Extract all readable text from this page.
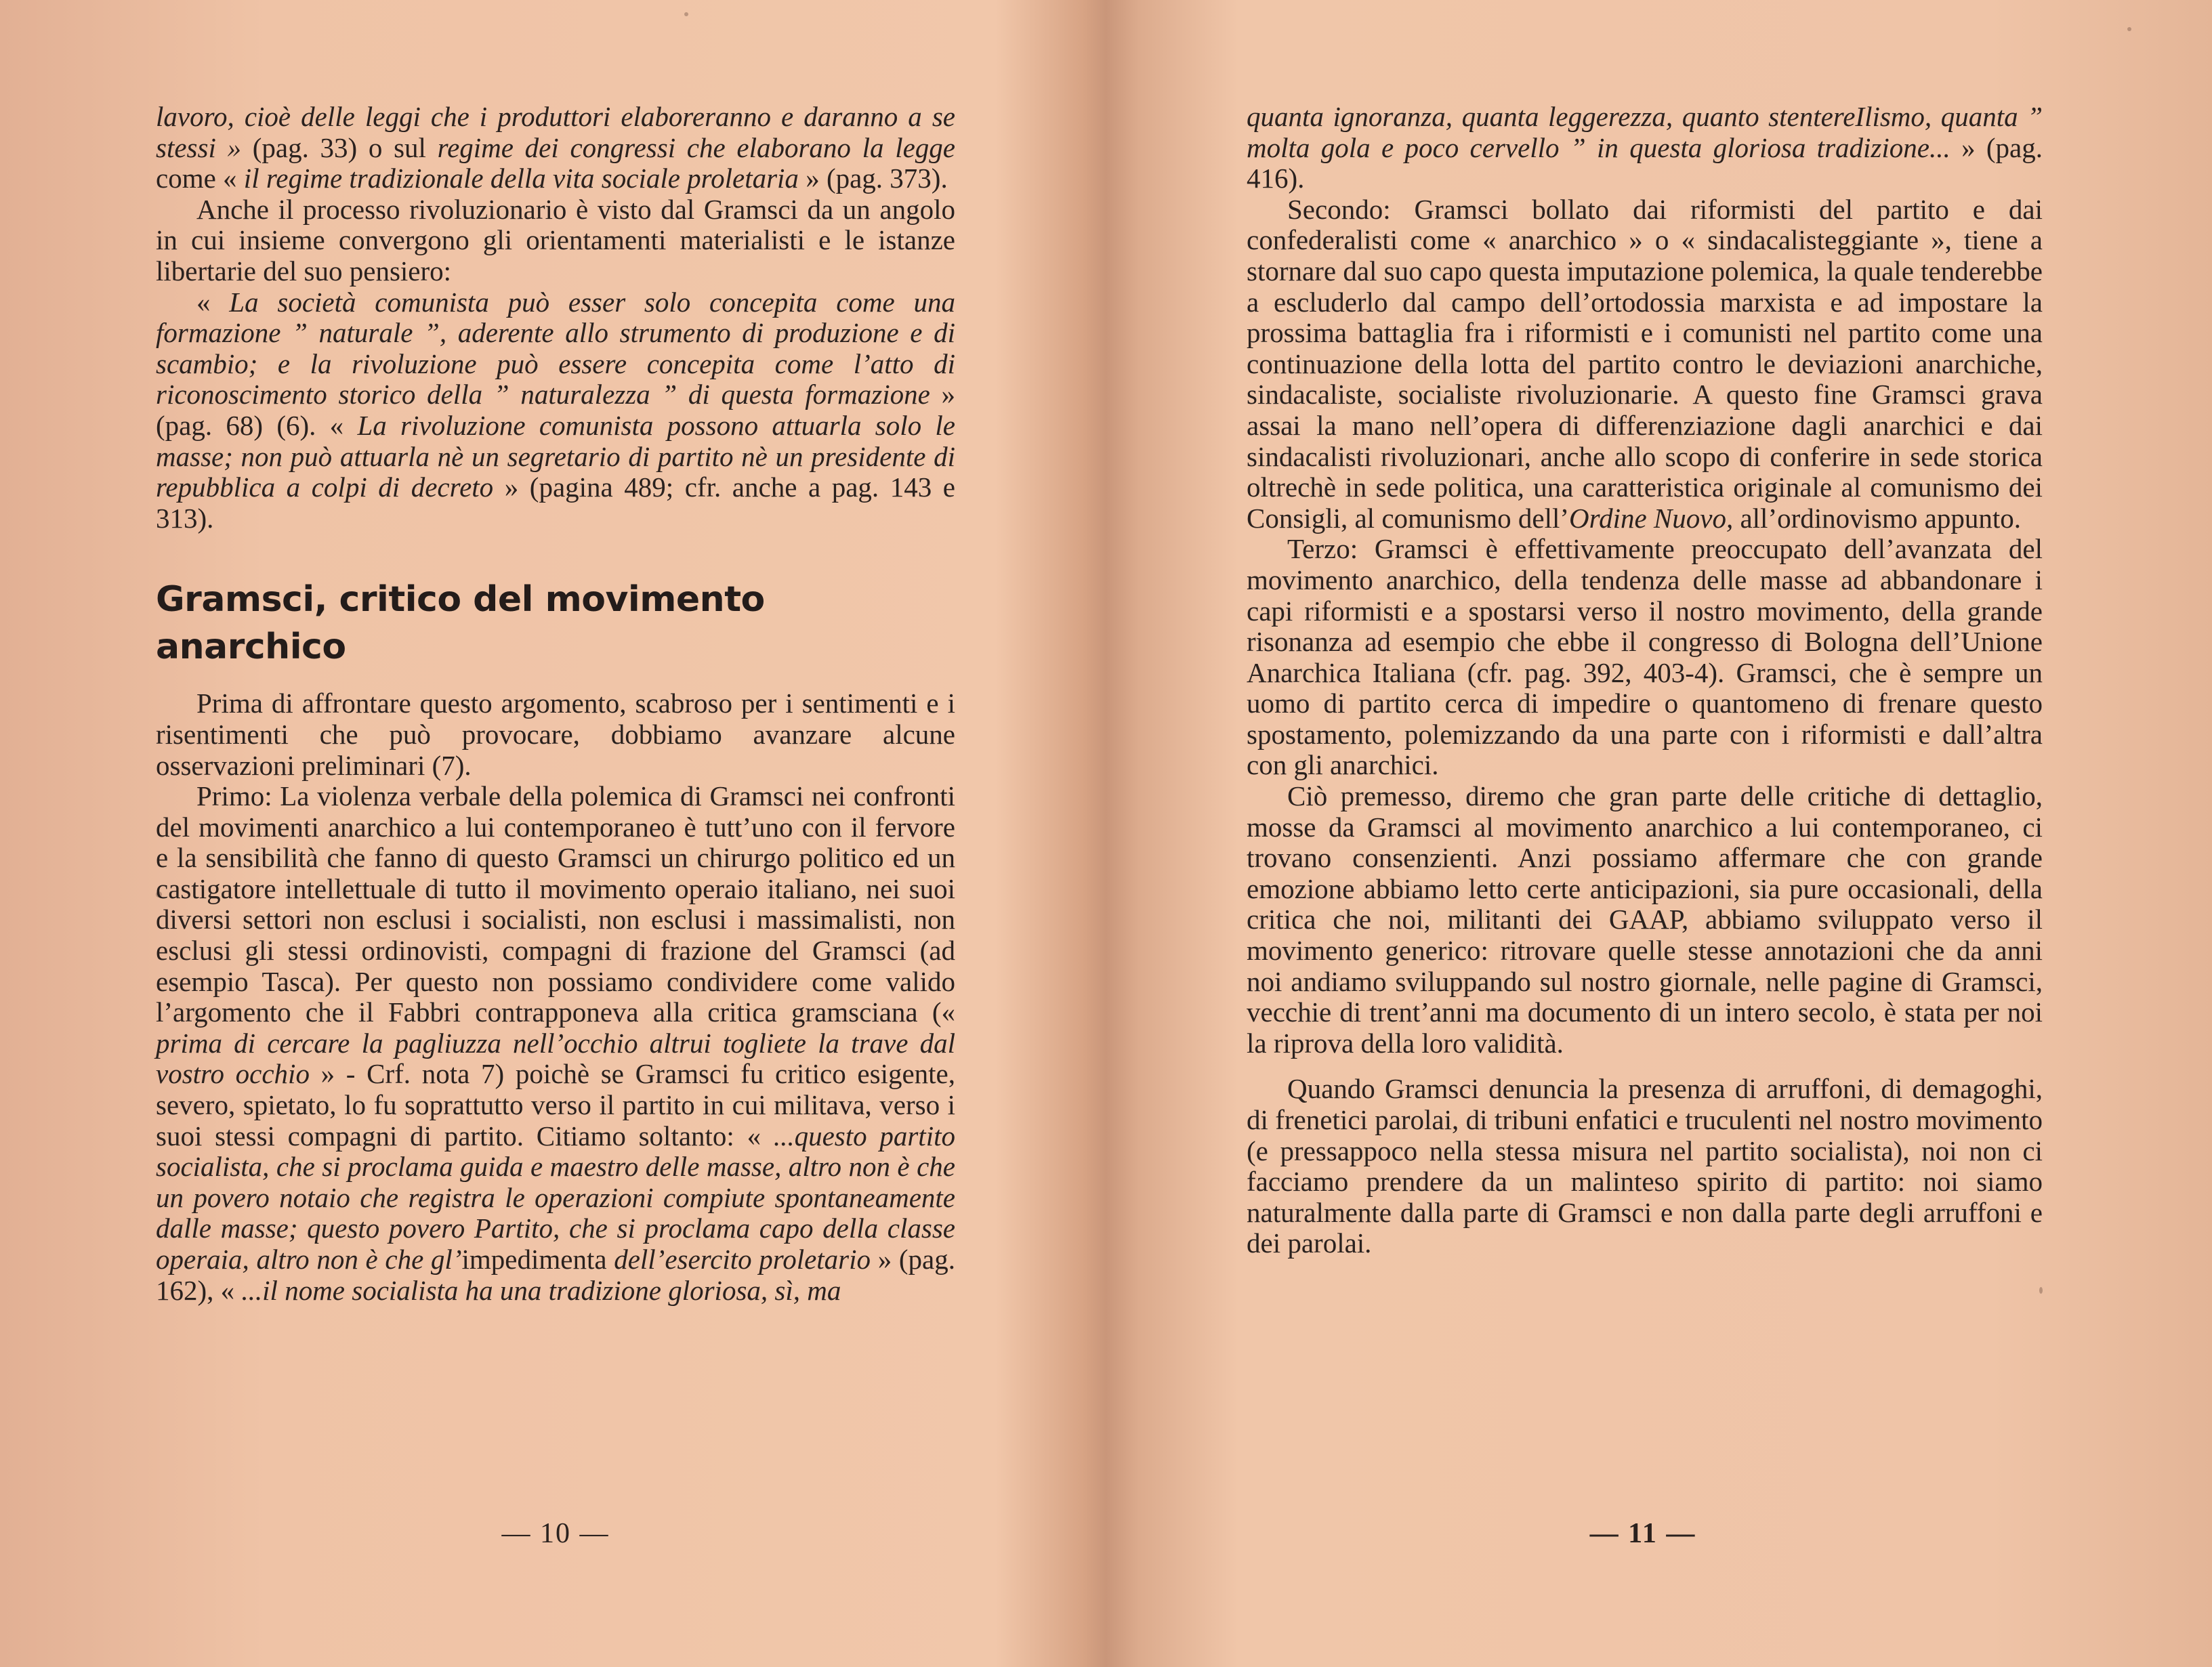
lavoro, cioè delle leggi che i produttori elaboreranno e daranno a se stessi » (pag. 33) o sul regime dei congressi che elaborano la legge come « il regime tradizionale della vita sociale proletaria » (pag. 373).

Anche il processo rivoluzionario è visto dal Gramsci da un angolo in cui insieme convergono gli orientamenti materialisti e le istanze libertarie del suo pensiero:

« La società comunista può esser solo concepita come una formazione ” naturale ”, aderente allo strumento di produzione e di scambio; e la rivoluzione può essere concepita come l’atto di riconoscimento storico della ” naturalezza ” di questa formazione » (pag. 68) (6). « La rivoluzione comunista possono attuarla solo le masse; non può attuarla nè un segretario di partito nè un presidente di repubblica a colpi di decreto » (pagina 489; cfr. anche a pag. 143 e 313).

Gramsci, critico del movimento anarchico

Prima di affrontare questo argomento, scabroso per i sentimenti e i risentimenti che può provocare, dobbiamo avanzare alcune osservazioni preliminari (7).

Primo: La violenza verbale della polemica di Gramsci nei confronti del movimenti anarchico a lui contemporaneo è tutt’uno con il fervore e la sensibilità che fanno di questo Gramsci un chirurgo politico ed un castigatore intellettuale di tutto il movimento operaio italiano, nei suoi diversi settori non esclusi i socialisti, non esclusi i massimalisti, non esclusi gli stessi ordinovisti, compagni di frazione del Gramsci (ad esempio Tasca). Per questo non possiamo condividere come valido l’argomento che il Fabbri contrapponeva alla critica gramsciana (« prima di cercare la pagliuzza nell’occhio altrui togliete la trave dal vostro occhio » - Crf. nota 7) poichè se Gramsci fu critico esigente, severo, spietato, lo fu soprattutto verso il partito in cui militava, verso i suoi stessi compagni di partito. Citiamo soltanto: « ...questo partito socialista, che si proclama guida e maestro delle masse, altro non è che un povero notaio che registra le operazioni compiute spontaneamente dalle masse; questo povero Partito, che si proclama capo della classe operaia, altro non è che gl’impedimenta dell’esercito proletario » (pag. 162), « ...il nome socialista ha una tradizione gloriosa, sì, ma

quanta ignoranza, quanta leggerezza, quanto stentereIlismo, quanta ” molta gola e poco cervello ” in questa gloriosa tradizione... » (pag. 416).

Secondo: Gramsci bollato dai riformisti del partito e dai confederalisti come « anarchico » o « sindacalisteggiante », tiene a stornare dal suo capo questa imputazione polemica, la quale tenderebbe a escluderlo dal campo dell’ortodossia marxista e ad impostare la prossima battaglia fra i riformisti e i comunisti nel partito come una continuazione della lotta del partito contro le deviazioni anarchiche, sindacaliste, socialiste rivoluzionarie. A questo fine Gramsci grava assai la mano nell’opera di differenziazione dagli anarchici e dai sindacalisti rivoluzionari, anche allo scopo di conferire in sede storica oltrechè in sede politica, una caratteristica originale al comunismo dei Consigli, al comunismo dell’Ordine Nuovo, all’ordinovismo appunto.

Terzo: Gramsci è effettivamente preoccupato dell’avanzata del movimento anarchico, della tendenza delle masse ad abbandonare i capi riformisti e a spostarsi verso il nostro movimento, della grande risonanza ad esempio che ebbe il congresso di Bologna dell’Unione Anarchica Italiana (cfr. pag. 392, 403-4). Gramsci, che è sempre un uomo di partito cerca di impedire o quantomeno di frenare questo spostamento, polemizzando da una parte con i riformisti e dall’altra con gli anarchici.

Ciò premesso, diremo che gran parte delle critiche di dettaglio, mosse da Gramsci al movimento anarchico a lui contemporaneo, ci trovano consenzienti. Anzi possiamo affermare che con grande emozione abbiamo letto certe anticipazioni, sia pure occasionali, della critica che noi, militanti dei GAAP, abbiamo sviluppato verso il movimento generico: ritrovare quelle stesse annotazioni che da anni noi andiamo sviluppando sul nostro giornale, nelle pagine di Gramsci, vecchie di trent’anni ma documento di un intero secolo, è stata per noi la riprova della loro validità.

Quando Gramsci denuncia la presenza di arruffoni, di demagoghi, di frenetici parolai, di tribuni enfatici e truculenti nel nostro movimento (e pressappoco nella stessa misura nel partito socialista), noi non ci facciamo prendere da un malinteso spirito di partito: noi siamo naturalmente dalla parte di Gramsci e non dalla parte degli arruffoni e dei parolai.

— 10 —	— 11 —
